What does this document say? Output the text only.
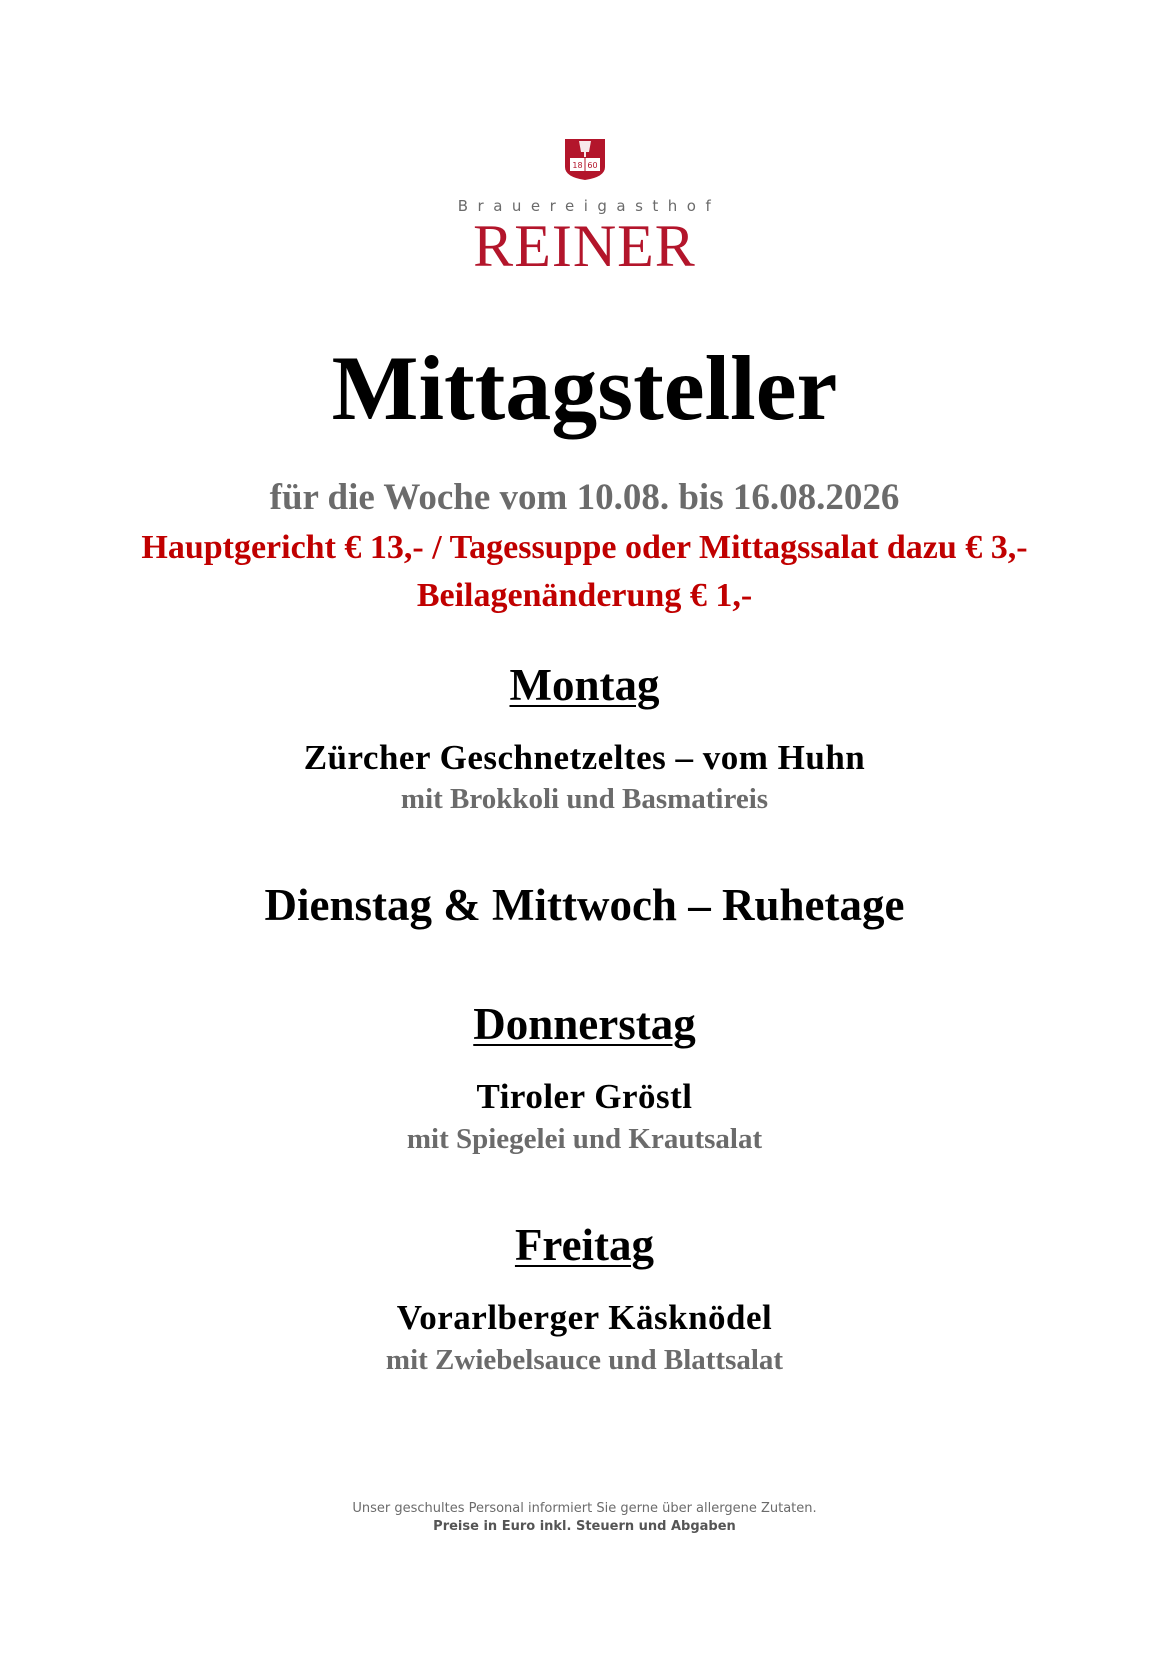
18 60
Brauereigasthof
REINER
Mittagsteller
für die Woche vom 10.08. bis 16.08.2026
Hauptgericht € 13,- / Tagessuppe oder Mittagssalat dazu € 3,-
Beilagenänderung € 1,-
Montag
Zürcher Geschnetzeltes – vom Huhn
mit Brokkoli und Basmatireis
Dienstag & Mittwoch – Ruhetage
Donnerstag
Tiroler Gröstl
mit Spiegelei und Krautsalat
Freitag
Vorarlberger Käsknödel
mit Zwiebelsauce und Blattsalat
Unser geschultes Personal informiert Sie gerne über allergene Zutaten.
Preise in Euro inkl. Steuern und Abgaben
